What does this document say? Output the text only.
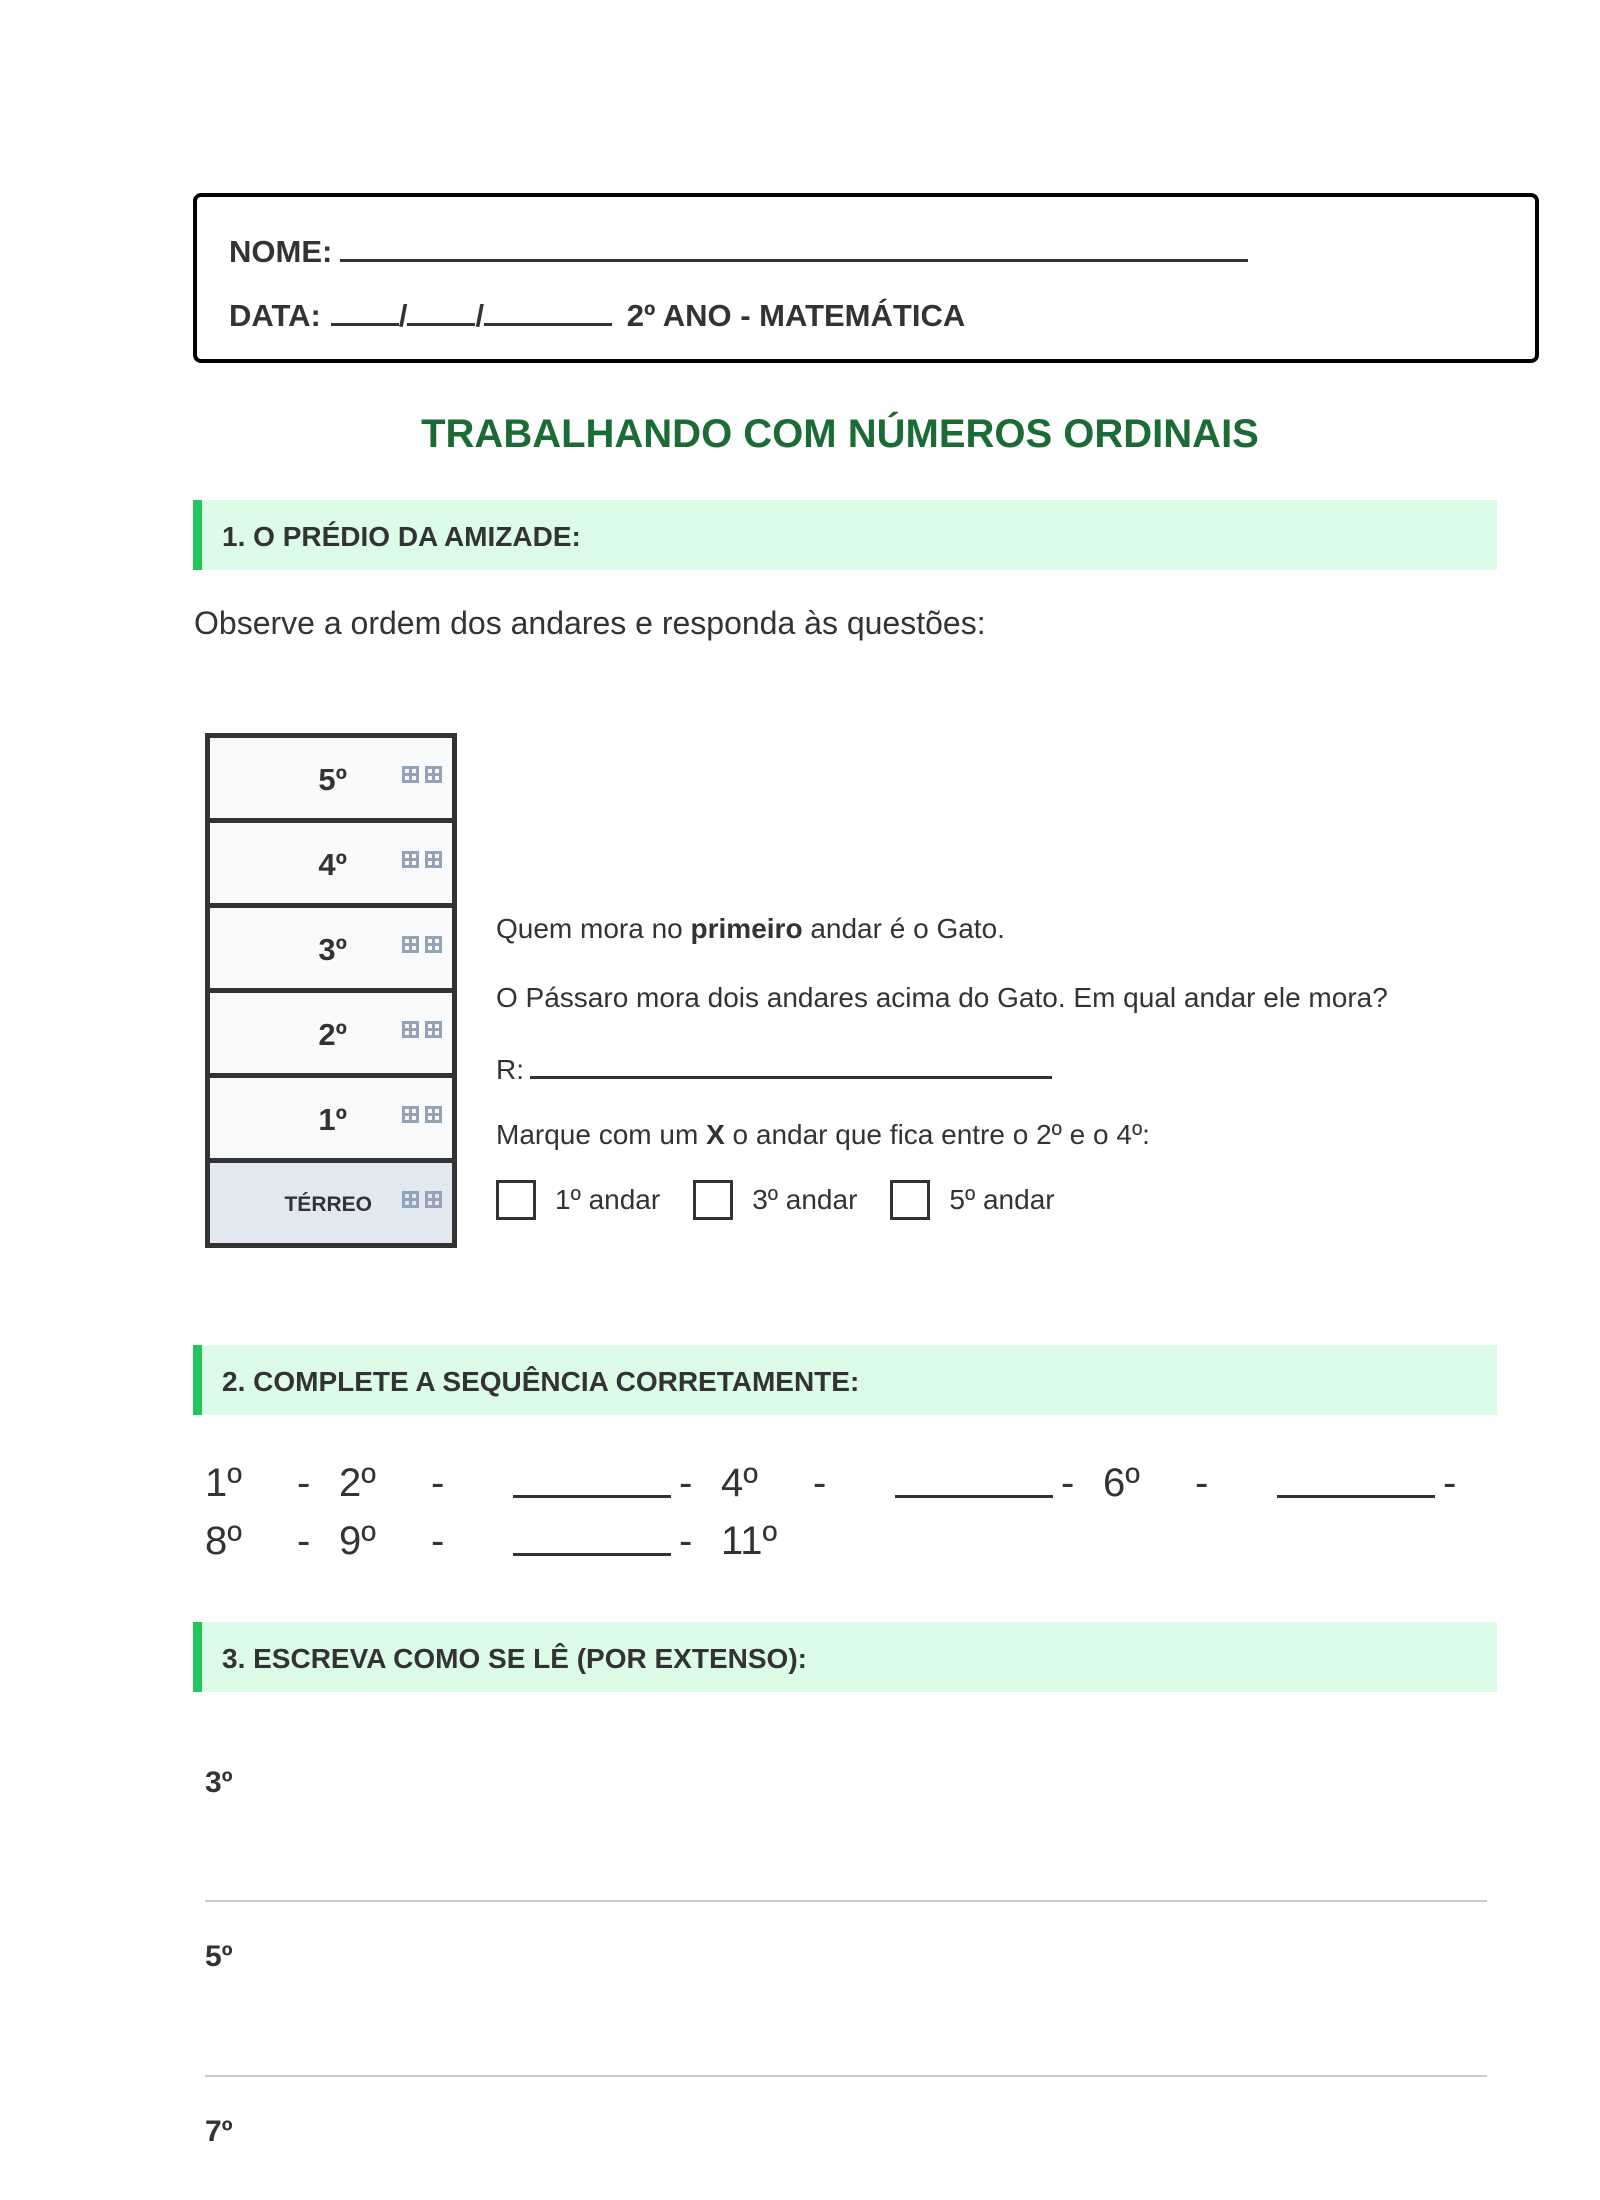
NOME:
DATA:	/ /	2º ANO - MATEMÁTICA
TRABALHANDO COM NÚMEROS ORDINAIS
1. O PRÉDIO DA AMIZADE:
Observe a ordem dos andares e responda às questões:
5º
4º
3º
2º
1º
TÉRREO
Quem mora no primeiro andar é o Gato.
O Pássaro mora dois andares acima do Gato. Em qual andar ele mora?
R:
Marque com um X o andar que fica entre o 2º e o 4º:
1º andar	3º andar	5º andar
2. COMPLETE A SEQUÊNCIA CORRETAMENTE:
1º	- 2º	-	- 4º	-	- 6º	-	-
8º	- 9º	-	- 11º
3. ESCREVA COMO SE LÊ (POR EXTENSO):
3º
5º
7º
